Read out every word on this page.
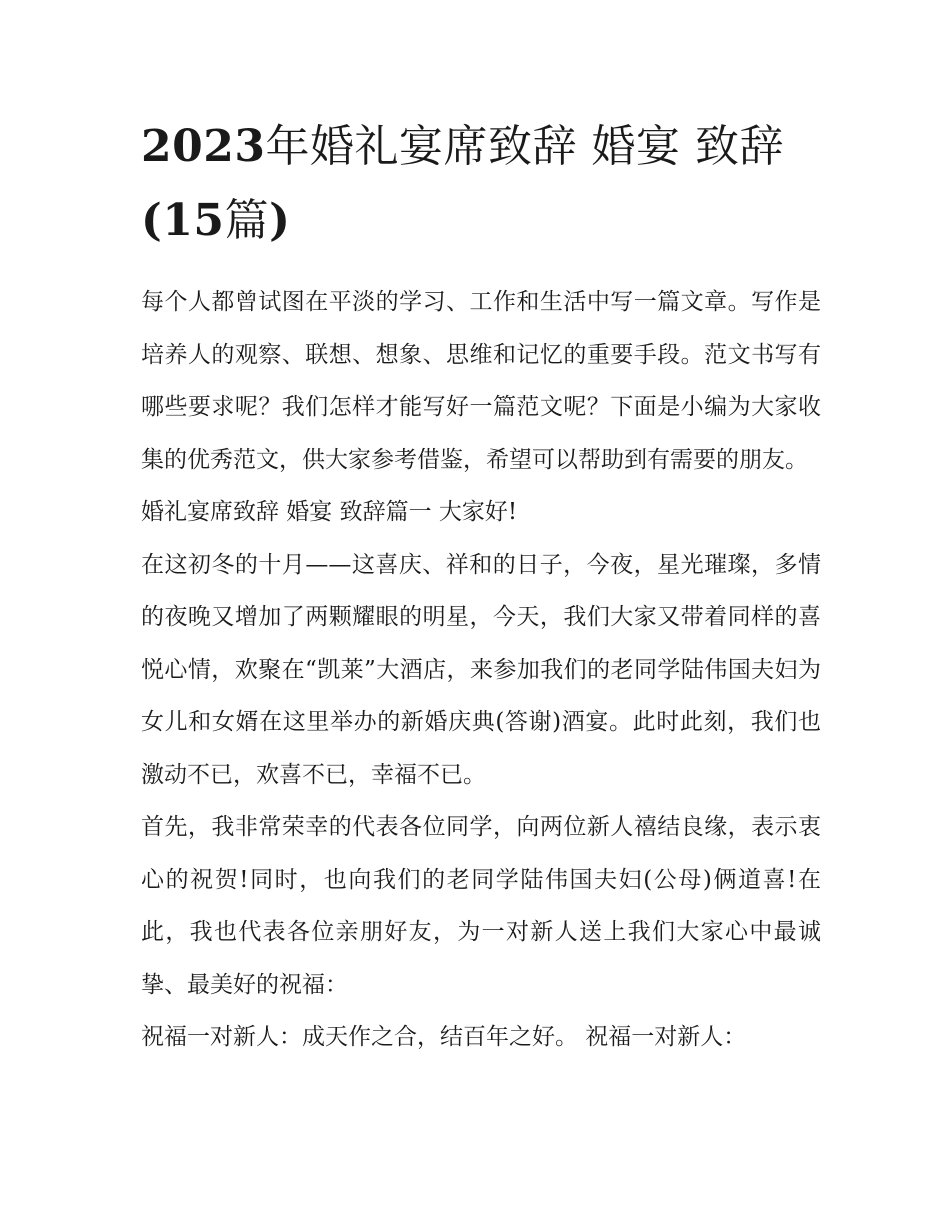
2023年婚礼宴席致辞 婚宴 致辞(15篇)

每个人都曾试图在平淡的学习、工作和生活中写一篇文章。写作是培养人的观察、联想、想象、思维和记忆的重要手段。范文书写有哪些要求呢？我们怎样才能写好一篇范文呢？下面是小编为大家收集的优秀范文，供大家参考借鉴，希望可以帮助到有需要的朋友。

婚礼宴席致辞 婚宴 致辞篇一 大家好!

在这初冬的十月——这喜庆、祥和的日子，今夜，星光璀璨，多情的夜晚又增加了两颗耀眼的明星，今天，我们大家又带着同样的喜悦心情，欢聚在“凯莱”大酒店，来参加我们的老同学陆伟国夫妇为女儿和女婿在这里举办的新婚庆典(答谢)酒宴。此时此刻，我们也激动不已，欢喜不已，幸福不已。

首先，我非常荣幸的代表各位同学，向两位新人禧结良缘，表示衷心的祝贺!同时，也向我们的老同学陆伟国夫妇(公母)俩道喜!在此，我也代表各位亲朋好友，为一对新人送上我们大家心中最诚挚、最美好的祝福：

祝福一对新人：成天作之合，结百年之好。 祝福一对新人：
